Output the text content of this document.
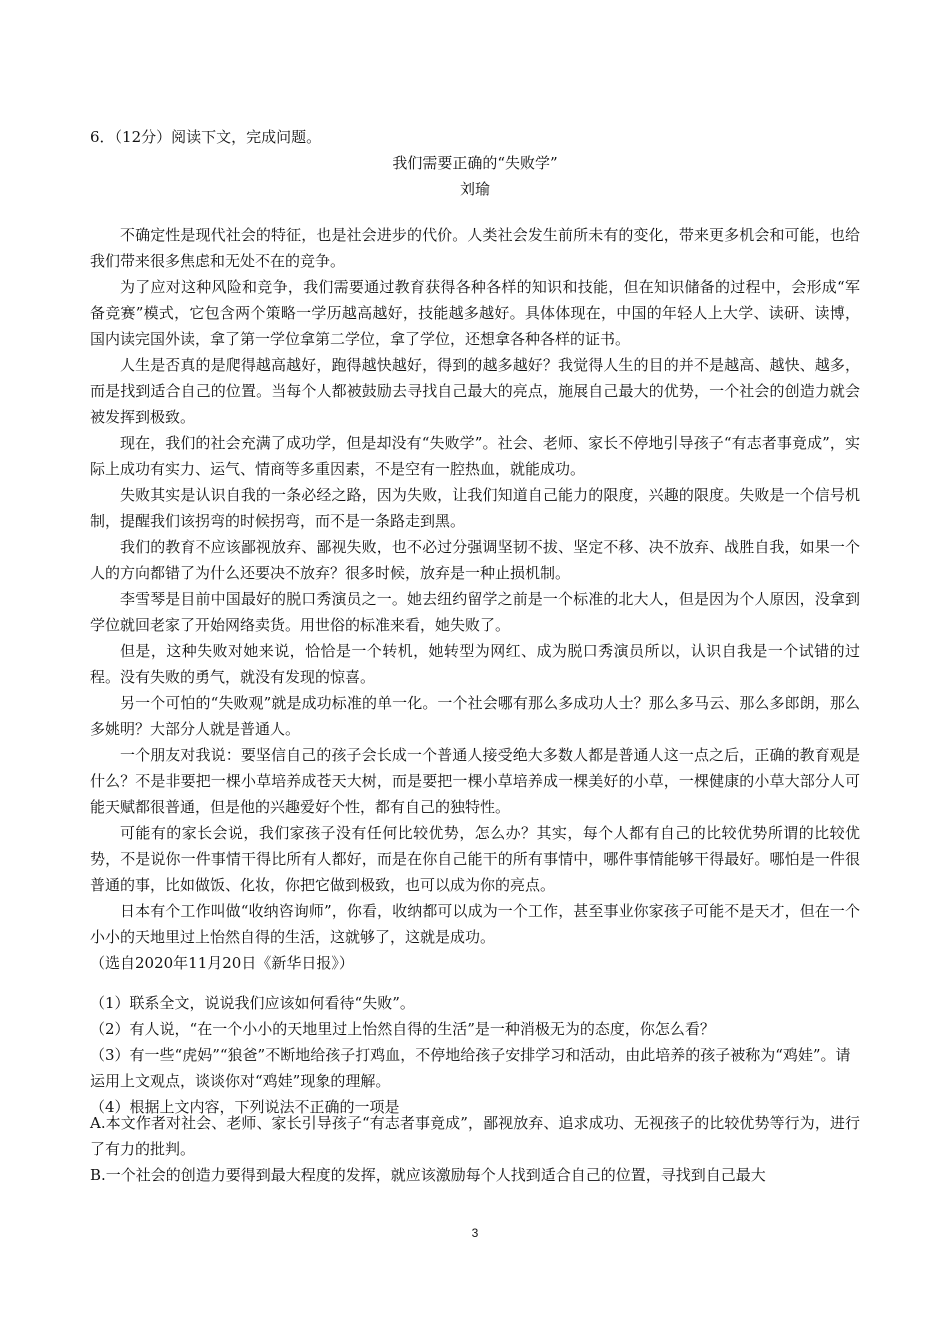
6．（12分）阅读下文，完成问题。
我们需要正确的“失败学”
刘瑜

不确定性是现代社会的特征，也是社会进步的代价。人类社会发生前所未有的变化，带来更多机会和可能，也给我们带来很多焦虑和无处不在的竞争。

为了应对这种风险和竞争，我们需要通过教育获得各种各样的知识和技能，但在知识储备的过程中，会形成“军备竞赛”模式，它包含两个策略一学历越高越好，技能越多越好。具体体现在，中国的年轻人上大学、读研、读博，国内读完国外读，拿了第一学位拿第二学位，拿了学位，还想拿各种各样的证书。

人生是否真的是爬得越高越好，跑得越快越好，得到的越多越好？我觉得人生的目的并不是越高、越快、越多，而是找到适合自己的位置。当每个人都被鼓励去寻找自己最大的亮点，施展自己最大的优势，一个社会的创造力就会被发挥到极致。

现在，我们的社会充满了成功学，但是却没有“失败学”。社会、老师、家长不停地引导孩子“有志者事竟成”，实际上成功有实力、运气、情商等多重因素，不是空有一腔热血，就能成功。

失败其实是认识自我的一条必经之路，因为失败，让我们知道自己能力的限度，兴趣的限度。失败是一个信号机制，提醒我们该拐弯的时候拐弯，而不是一条路走到黑。

我们的教育不应该鄙视放弃、鄙视失败，也不必过分强调坚韧不拔、坚定不移、决不放弃、战胜自我，如果一个人的方向都错了为什么还要决不放弃？很多时候，放弃是一种止损机制。

李雪琴是目前中国最好的脱口秀演员之一。她去纽约留学之前是一个标准的北大人，但是因为个人原因，没拿到学位就回老家了开始网络卖货。用世俗的标准来看，她失败了。

但是，这种失败对她来说，恰恰是一个转机，她转型为网红、成为脱口秀演员所以，认识自我是一个试错的过程。没有失败的勇气，就没有发现的惊喜。

另一个可怕的“失败观”就是成功标准的单一化。一个社会哪有那么多成功人士？那么多马云、那么多郎朗，那么多姚明？大部分人就是普通人。

一个朋友对我说：要坚信自己的孩子会长成一个普通人接受绝大多数人都是普通人这一点之后，正确的教育观是什么？不是非要把一棵小草培养成苍天大树，而是要把一棵小草培养成一棵美好的小草，一棵健康的小草大部分人可能天赋都很普通，但是他的兴趣爱好个性，都有自己的独特性。

可能有的家长会说，我们家孩子没有任何比较优势，怎么办？其实，每个人都有自己的比较优势所谓的比较优势，不是说你一件事情干得比所有人都好，而是在你自己能干的所有事情中，哪件事情能够干得最好。哪怕是一件很普通的事，比如做饭、化妆，你把它做到极致，也可以成为你的亮点。

日本有个工作叫做“收纳咨询师”，你看，收纳都可以成为一个工作，甚至事业你家孩子可能不是天才，但在一个小小的天地里过上怡然自得的生活，这就够了，这就是成功。

（选自2020年11月20日《新华日报》）

（1）联系全文，说说我们应该如何看待“失败”。

（2）有人说，“在一个小小的天地里过上怡然自得的生活”是一种消极无为的态度，你怎么看？

（3）有一些“虎妈”“狼爸”不断地给孩子打鸡血，不停地给孩子安排学习和活动，由此培养的孩子被称为“鸡娃”。请运用上文观点，谈谈你对“鸡娃”现象的理解。

（4）根据上文内容，下列说法不正确的一项是

A.本文作者对社会、老师、家长引导孩子“有志者事竟成”，鄙视放弃、追求成功、无视孩子的比较优势等行为，进行了有力的批判。

B.一个社会的创造力要得到最大程度的发挥，就应该激励每个人找到适合自己的位置，寻找到自己最大

3
